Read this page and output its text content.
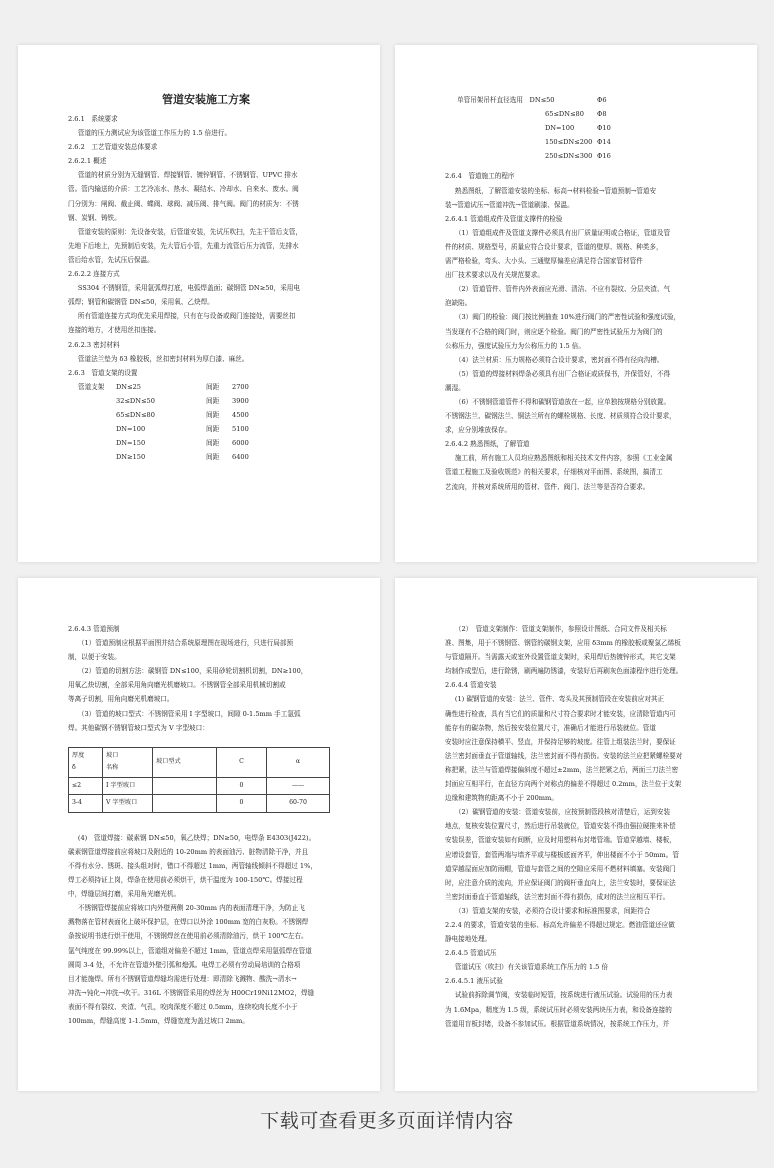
管道安装施工方案
2.6.1　系统要求
管道的压力测试应为该管道工作压力的 1.5 倍进行。
2.6.2　工艺管道安装总体要求
2.6.2.1 概述
管道的材质分别为无缝钢管、焊接钢管、镀锌钢管、不锈钢管、UPVC 排水
管。管内输送的介质：工艺冷冻水、热水、凝结水、冷却水、自来水、废水。阀
门分别为：闸阀、截止阀、蝶阀、球阀、减压阀、排气阀。阀门的材质为：不锈
钢、炭钢、铸铁。
管道安装的原则：先设备安装，后管道安装，先试压吹扫，先主干管后支管，
先地下后地上，先预制后安装，先大管后小管，先重力流管后压力流管，先排水
管后给水管，先试压后保温。
2.6.2.2 连接方式
SS304 不锈钢管，采用氩弧焊打底，电弧焊盖面；碳钢管 DN≥50，采用电
弧焊；钢管和碳钢管 DN≤50，采用氧、乙炔焊。
所有管道连接方式均优先采用焊接，只有在与设备或阀门连接处，需要丝扣
连接的地方，才使用丝扣连接。
2.6.2.3 密封材料
管道法兰垫为 δ3 橡胶板，丝扣密封材料为厚白漆、麻丝。
2.6.3　管道支架的设置
管道支架	DN≤25	间距	2700
32≤DN≤50	间距	3900
65≤DN≤80	间距	4500
DN=100	间距	5100
DN=150	间距	6000
DN≥150	间距	6400
单管吊架吊杆直径选用　DN≤50	Φ6
65≤DN≤80	Φ8
DN=100	Φ10
150≤DN≤200 Φ14
250≤DN≤300 Φ16
2.6.4　管道施工的程序
熟悉图纸，了解管道安装的坐标、标高→材料检验→管道预制→管道安
装→管道试压→管道冲洗→管道刷漆、保温。
2.6.4.1 管道组成件及管道支撑件的检验
（1）管道组成件及管道支撑件必须具有出厂质量证明或合格证，管道及管
件的材质、规格型号，质量应符合设计要求，管道的壁厚、规格、种类多，
需严格检验，弯头、大小头、三通壁厚偏差应满足符合国家管材管件
出厂技术要求以及有关规范要求。
（2）管道管件、管件内外表面应光滑、清洁、不应有裂纹、分层夹渣、气
泡缺陷。
（3）阀门的检验：阀门按比例抽查 10%进行阀门的严密性试验和强度试验，
当发现有不合格的阀门时，则应逐个检验。阀门的严密性试验压力为阀门的
公称压力，强度试验压力为公称压力的 1.5 倍。
（4）法兰材质：压力规格必须符合设计要求，密封面不得有径向沟槽。
（5）管道的焊接材料焊条必须具有出厂合格证或质保书，并保管好，不得
潮湿。
（6）不锈钢管道管件不得和碳钢管道放在一起，应单独按规格分别放置。
不锈钢法兰、碳钢法兰、铜法兰所有的螺栓规格、长度、材质须符合设计要求，
求，应分别堆放保存。
2.6.4.2 熟悉图纸，了解管道
施工前，所有施工人员均应熟悉图纸和相关技术文件内容，参照《工业金属
管道工程施工及验收规范》的相关要求，仔细核对平面图、系统图，搞清工
艺流向，并核对系统所用的管材、管件、阀门、法兰等是否符合要求。
2.6.4.3 管道预制
（1）管道预制应根据平面图并结合系统原理图在现场进行，只进行局部预
制，以便于安装。
（2）管道的切割方法：碳钢管 DN≤100，采用砂轮切割机切割，DN≥100，
用氧乙炔切割，全部采用角向磨光机磨坡口。不锈钢管全部采用机械切割或
等离子切割，用角向磨光机磨坡口。
（3）管道的坡口型式：不锈钢管采用 I 字型坡口，间隙 0-1.5mm 手工氩弧
焊。其他碳钢不锈钢管坡口型式为 V 字型坡口：
厚度
δ	坡口
名称	坡口型式	C	α
≤2	I 字型坡口		0	——
3-4	V 字型坡口		0	60-70
(4)　管道焊接：碳素钢 DN≤50，氧乙炔焊；DN≥50，电焊条 E4303(J422)。
碳素钢管道焊接前应将坡口及附近的 10-20mm 的表面油污、脏物清除干净，并且
不得有水分、锈斑、接头组对时，错口不得超过 1mm，两管轴线倾斜不得超过 1%，
焊工必须持证上岗，焊条在使用前必须烘干，烘干温度为 100-150℃。焊接过程
中，焊缝层间打磨，采用角光磨光机。
不锈钢管焊接前应将坡口内外壁两侧 20-30mm 内的表面清理干净，为防止飞
溅物落在管材表面化上破坏保护层，在焊口以外涂 100mm 宽的白灰粉。不锈钢焊
条按说明书进行烘干使用，不锈钢焊丝在使用前必须清除油污，烘干 100℃左右。
氩气纯度在 99.99%以上，管道组对偏差不超过 1mm，管道点焊采用氩弧焊在管道
圆周 3-4 处，不允许在管道外壁引弧和熄弧。电焊工必须有劳动局培训的合格项
目才能施焊。所有不锈钢管道焊缝均需进行处理：即清除飞溅物、酸洗→清水→
冲洗→钝化→冲洗→吹干。316L 不锈钢管采用的焊丝为 H00Cr19Ni12MO2，焊缝
表面不得有裂纹、夹渣、气孔，咬肉深度不超过 0.5mm，连续咬肉长度不小于
100mm，焊缝高度 1-1.5mm，焊缝宽度为盖过坡口 2mm。
（2）　管道支架制作：管道支架制作，参照设计图纸、合同文件及相关标
准、图集，用于不锈钢管、钢管的碳钢支架，应用 δ3mm 的橡胶板或聚氯乙烯板
与管道隔开。当需露天或室外设置管道支架时，采用焊后热镀锌形式，其它支架
均制作成型后，进行除锈，刷两遍防锈漆，安装好后再刷灰色面漆程序进行处理。
2.6.4.4 管道安装
(1) 碳钢管道的安装：法兰、管件、弯头及其预制管段在安装前应对其正
确性进行检查，具有当它们的质量和尺寸符合要求时才能安装，应清除管道内可
能存有的碳杂物，然后按安装位置尺寸，准确后才能进行吊装就位。管道
安装时应注意保持横平、竖直，并保持足够的坡度。往管上组装法兰时，要保证
法兰密封面垂直于管道轴线，法兰密封面不得有损伤。安装的法兰应把紧螺栓要对
称把紧，法兰与管道焊接偏斜度不超过±2mm，法兰把紧之后，两面三刀法兰密
封面应互相平行，在直径方向两个对称点的偏差不得超过 0.2mm，法兰位于支架
边缘和建筑物的距离不小于 200mm。
（2）碳钢管道的安装：管道安装前，应按预制管段核对清楚后，运到安装
地点，复核安装位置尺寸，然后进行吊装就位，管道安装不得由强拉硬推来补偿
安装误差，管道安装如有间断，应及时用塑料布封堵管端。管道穿越墙、楼板，
应增设套管，套管两端与墙齐平或与楼板底面齐平，伸出楼面不小于 50mm。管
道穿越屋面应加防雨帽，管道与套管之间的空隙应采用不燃材料填塞。安装阀门
时，应注意介质的流向，并应保证阀门的阀杆垂直向上，法兰安装时，要保证法
兰密封面垂直于管道轴线，法兰密封面不得有损伤，成对的法兰应相互平行。
（3）管道支架的安装，必须符合设计要求和标准图要求，间距符合
2.2.4 的要求，管道安装的坐标、标高允许偏差不得超过规定。燃油管道还应做
静电接地处理。
2.6.4.5 管道试压
管道试压（吹扫）有关该管道系统工作压力的 1.5 倍
2.6.4.5.1 液压试验
试验前拆除调节阀，安装临时短管，按系统进行液压试验。试验用的压力表
为 1.6Mpa，精度为 1.5 级，系统试压时必须安装两块压力表，和设备连接的
管道用盲板封堵，设备不参加试压。根据管道系统情况，按系统工作压力，并
下载可查看更多页面详情内容
